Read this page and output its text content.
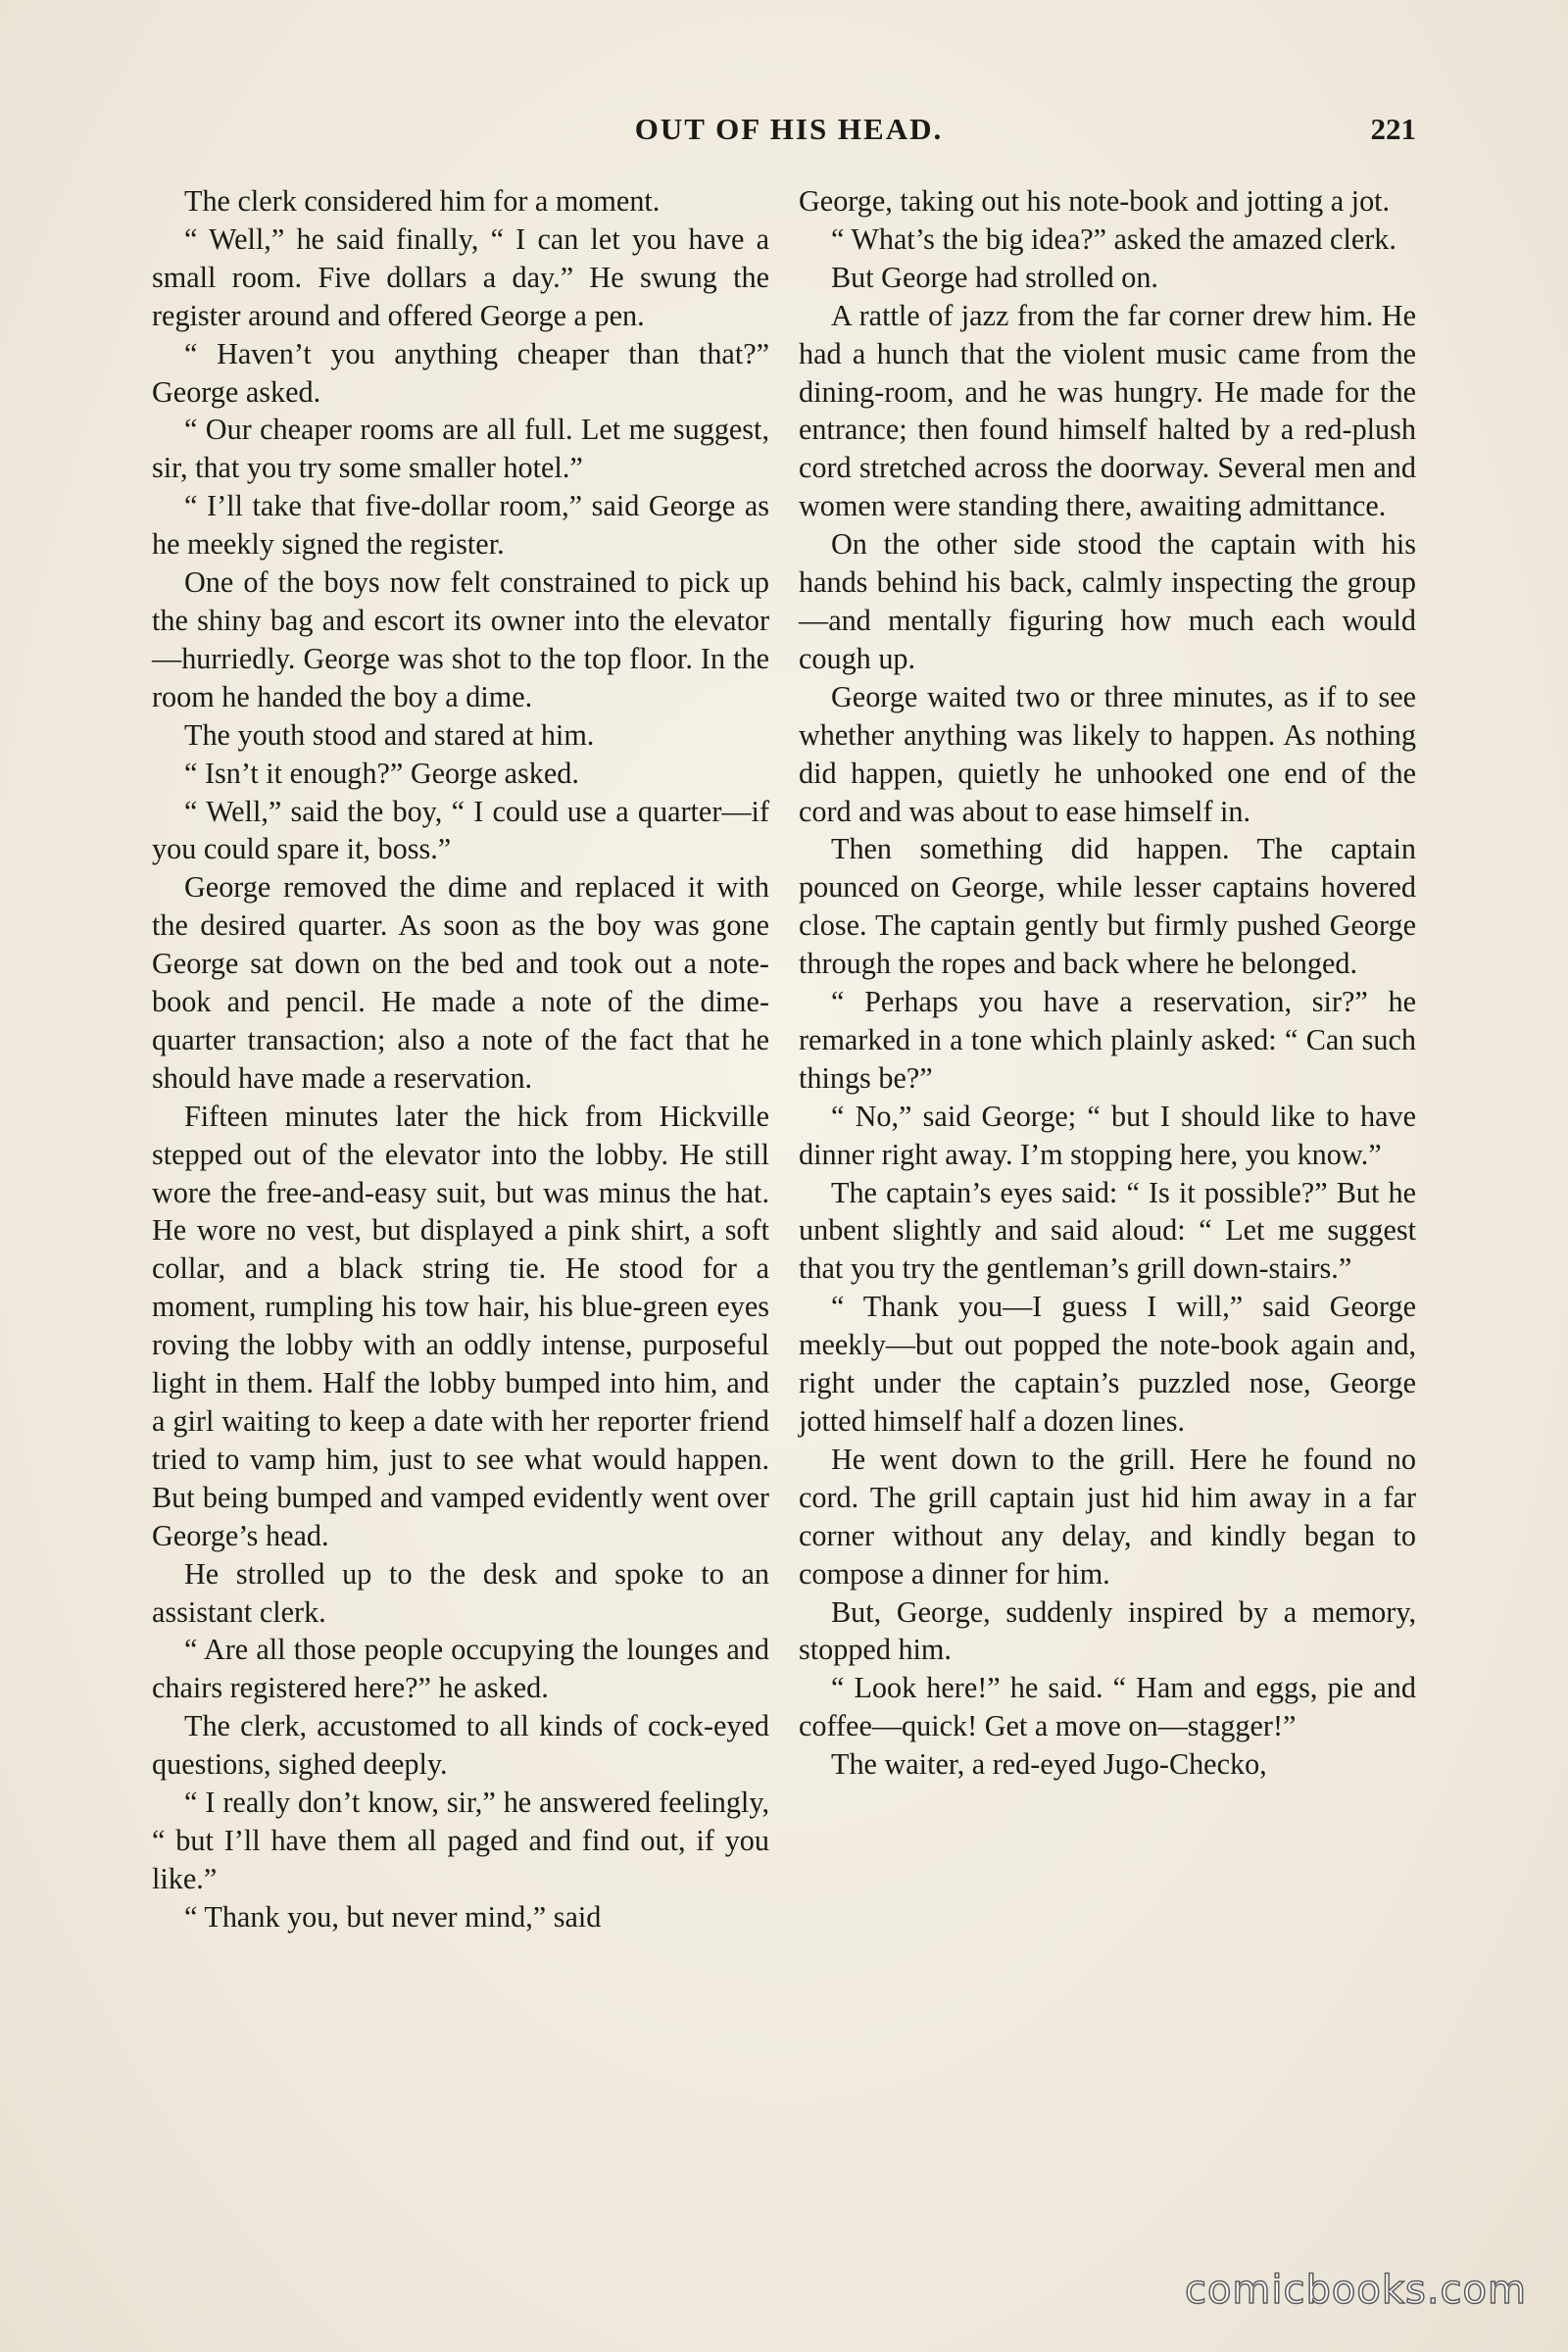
OUT OF HIS HEAD.	221

The clerk considered him for a moment.

“ Well,” he said finally, “ I can let you have a small room. Five dollars a day.” He swung the register around and offered George a pen.

“ Haven’t you anything cheaper than that?” George asked.

“ Our cheaper rooms are all full. Let me suggest, sir, that you try some smaller hotel.”

“ I’ll take that five-dollar room,” said George as he meekly signed the register.

One of the boys now felt constrained to pick up the shiny bag and escort its owner into the elevator—hurriedly. George was shot to the top floor. In the room he handed the boy a dime.

The youth stood and stared at him.

“ Isn’t it enough?” George asked.

“ Well,” said the boy, “ I could use a quarter—if you could spare it, boss.”

George removed the dime and replaced it with the desired quarter. As soon as the boy was gone George sat down on the bed and took out a note-book and pencil. He made a note of the dime-quarter transaction; also a note of the fact that he should have made a reservation.

Fifteen minutes later the hick from Hickville stepped out of the elevator into the lobby. He still wore the free-and-easy suit, but was minus the hat. He wore no vest, but displayed a pink shirt, a soft collar, and a black string tie. He stood for a moment, rumpling his tow hair, his blue-green eyes roving the lobby with an oddly intense, purposeful light in them. Half the lobby bumped into him, and a girl waiting to keep a date with her reporter friend tried to vamp him, just to see what would happen. But being bumped and vamped evidently went over George’s head.

He strolled up to the desk and spoke to an assistant clerk.

“ Are all those people occupying the lounges and chairs registered here?” he asked.

The clerk, accustomed to all kinds of cock-eyed questions, sighed deeply.

“ I really don’t know, sir,” he answered feelingly, “ but I’ll have them all paged and find out, if you like.”

“ Thank you, but never mind,” said

George, taking out his note-book and jotting a jot.

“ What’s the big idea?” asked the amazed clerk.

But George had strolled on.

A rattle of jazz from the far corner drew him. He had a hunch that the violent music came from the dining-room, and he was hungry. He made for the entrance; then found himself halted by a red-plush cord stretched across the doorway. Several men and women were standing there, awaiting admittance.

On the other side stood the captain with his hands behind his back, calmly inspecting the group—and mentally figuring how much each would cough up.

George waited two or three minutes, as if to see whether anything was likely to happen. As nothing did happen, quietly he unhooked one end of the cord and was about to ease himself in.

Then something did happen. The captain pounced on George, while lesser captains hovered close. The captain gently but firmly pushed George through the ropes and back where he belonged.

“ Perhaps you have a reservation, sir?” he remarked in a tone which plainly asked: “ Can such things be?”

“ No,” said George; “ but I should like to have dinner right away. I’m stopping here, you know.”

The captain’s eyes said: “ Is it possible?” But he unbent slightly and said aloud: “ Let me suggest that you try the gentleman’s grill down-stairs.”

“ Thank you—I guess I will,” said George meekly—but out popped the note-book again and, right under the captain’s puzzled nose, George jotted himself half a dozen lines.

He went down to the grill. Here he found no cord. The grill captain just hid him away in a far corner without any delay, and kindly began to compose a dinner for him.

But, George, suddenly inspired by a memory, stopped him.

“ Look here!” he said. “ Ham and eggs, pie and coffee—quick! Get a move on—stagger!”

The waiter, a red-eyed Jugo-Checko,

comicbooks.com
